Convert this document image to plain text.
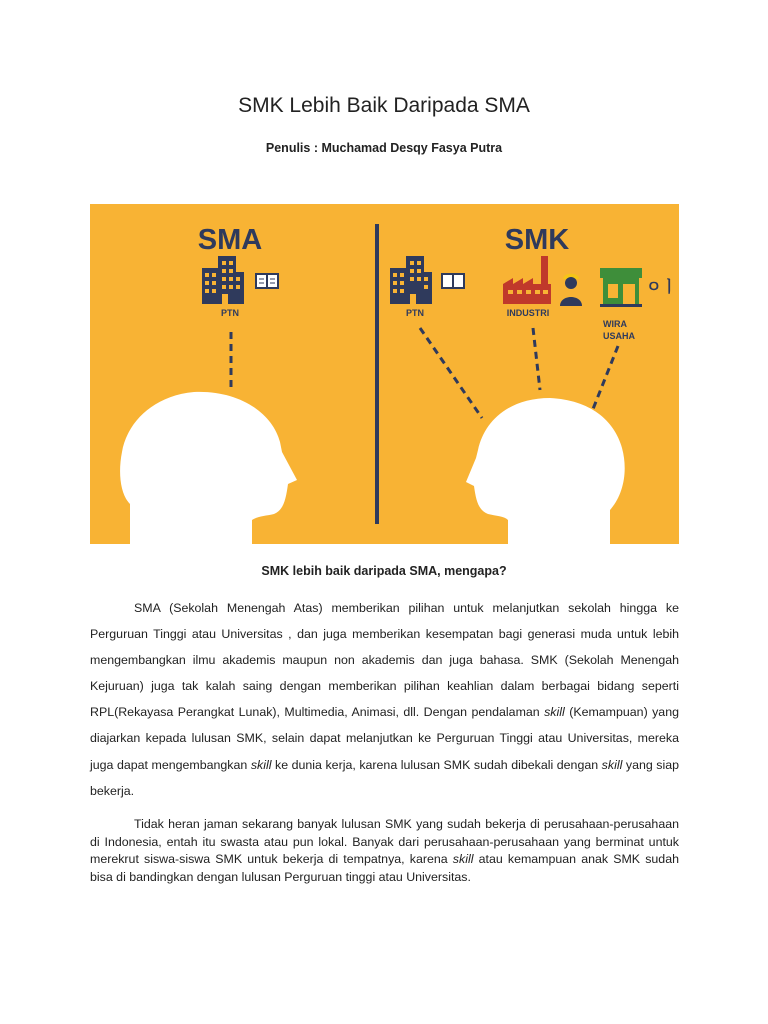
SMK Lebih Baik Daripada SMA
Penulis : Muchamad Desqy Fasya Putra
SMA	SMK
PTN	PTN	INDUSTRI
ㅇㅣ
WIRA
USAHA
SMK lebih baik daripada SMA, mengapa?
SMA (Sekolah Menengah Atas) memberikan pilihan untuk melanjutkan sekolah hingga ke Perguruan Tinggi atau Universitas , dan juga memberikan kesempatan bagi generasi muda untuk lebih mengembangkan ilmu akademis maupun non akademis dan juga bahasa. SMK (Sekolah Menengah Kejuruan) juga tak kalah saing dengan memberikan pilihan keahlian dalam berbagai bidang seperti RPL(Rekayasa Perangkat Lunak), Multimedia, Animasi, dll. Dengan pendalaman skill (Kemampuan) yang diajarkan kepada lulusan SMK, selain dapat melanjutkan ke Perguruan Tinggi atau Universitas, mereka juga dapat mengembangkan skill ke dunia kerja, karena lulusan SMK sudah dibekali dengan skill yang siap bekerja.
Tidak heran jaman sekarang banyak lulusan SMK yang sudah bekerja di perusahaan-perusahaan di Indonesia, entah itu swasta atau pun lokal. Banyak dari perusahaan-perusahaan yang berminat untuk merekrut siswa-siswa SMK untuk bekerja di tempatnya, karena skill atau kemampuan anak SMK sudah bisa di bandingkan dengan lulusan Perguruan tinggi atau Universitas.
